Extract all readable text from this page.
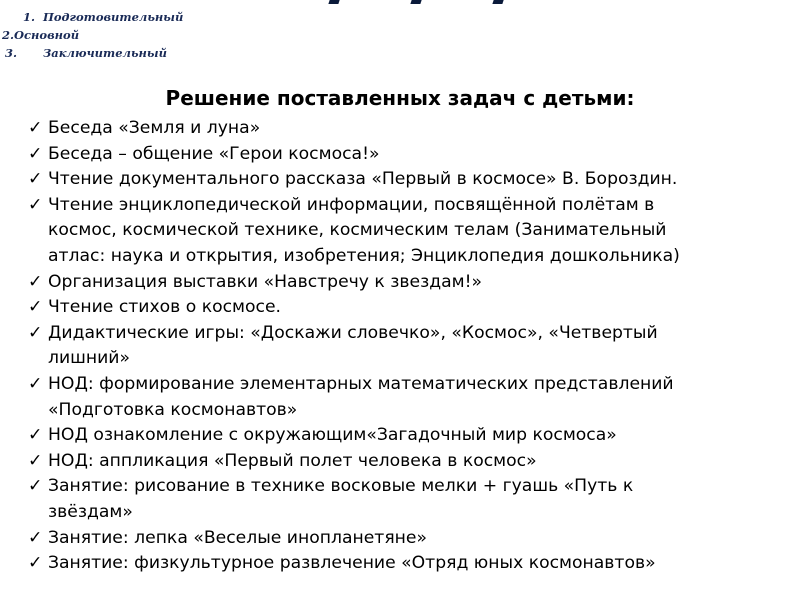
1. Подготовительный
2.Основной
3. Заключительный
Решение поставленных задач с детьми:
✓ Беседа «Земля и луна»
✓ Беседа – общение «Герои космоса!»
✓ Чтение документального рассказа «Первый в космосе» В. Бороздин.
✓ Чтение энциклопедической информации, посвящённой полётам в
космос, космической технике, космическим телам (Занимательный
атлас: наука и открытия, изобретения; Энциклопедия дошкольника)
✓ Организация выставки «Навстречу к звездам!»
✓ Чтение стихов о космосе.
✓ Дидактические игры: «Доскажи словечко», «Космос», «Четвертый
лишний»
✓ НОД: формирование элементарных математических представлений
«Подготовка космонавтов»
✓ НОД ознакомление с окружающим«Загадочный мир космоса»
✓ НОД: аппликация «Первый полет человека в космос»
✓ Занятие: рисование в технике восковые мелки + гуашь «Путь к
звёздам»
✓ Занятие: лепка «Веселые инопланетяне»
✓ Занятие: физкультурное развлечение «Отряд юных космонавтов»
